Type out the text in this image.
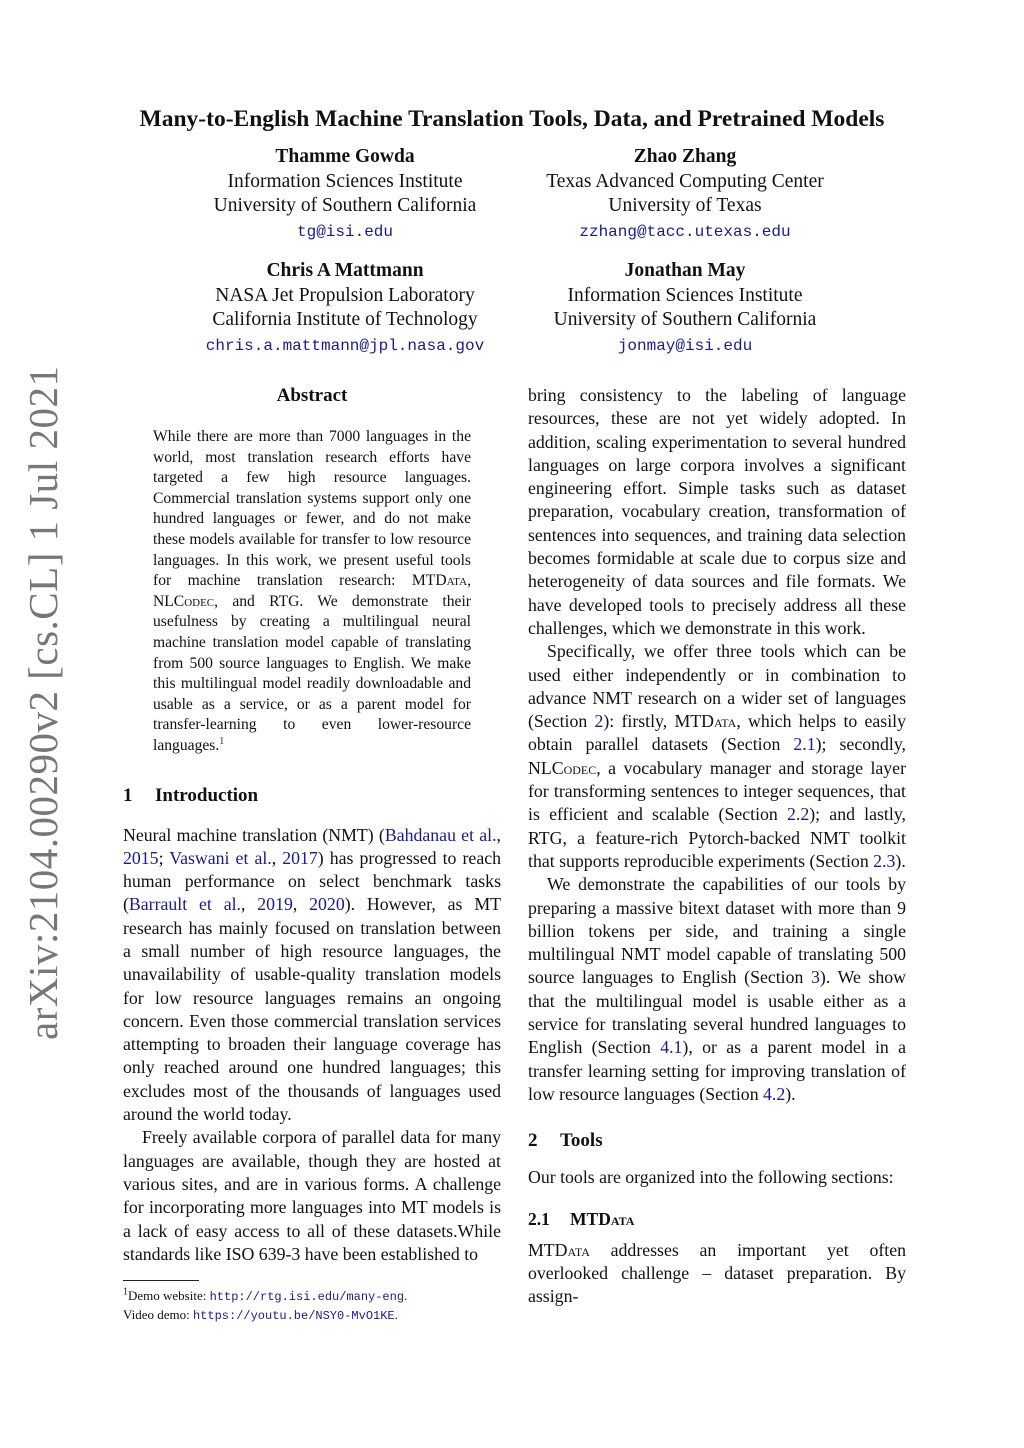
arXiv:2104.00290v2 [cs.CL] 1 Jul 2021
Many-to-English Machine Translation Tools, Data, and Pretrained Models
Thamme Gowda
Information Sciences Institute
University of Southern California
tg@isi.edu
Zhao Zhang
Texas Advanced Computing Center
University of Texas
zzhang@tacc.utexas.edu
Chris A Mattmann
NASA Jet Propulsion Laboratory
California Institute of Technology
chris.a.mattmann@jpl.nasa.gov
Jonathan May
Information Sciences Institute
University of Southern California
jonmay@isi.edu
Abstract

While there are more than 7000 languages in the world, most translation research efforts have targeted a few high resource languages. Commercial translation systems support only one hundred languages or fewer, and do not make these models available for transfer to low resource languages. In this work, we present useful tools for machine translation research: MTData, NLCodec, and RTG. We demonstrate their usefulness by creating a multilingual neural machine translation model capable of translating from 500 source languages to English. We make this multilingual model readily downloadable and usable as a service, or as a parent model for transfer-learning to even lower-resource languages.$^1$

1 Introduction

Neural machine translation (NMT) (Bahdanau et al., 2015; Vaswani et al., 2017) has progressed to reach human performance on select benchmark tasks (Barrault et al., 2019, 2020). However, as MT research has mainly focused on translation between a small number of high resource languages, the unavailability of usable-quality translation models for low resource languages remains an ongoing concern. Even those commercial translation services attempting to broaden their language coverage has only reached around one hundred languages; this excludes most of the thousands of languages used around the world today.

Freely available corpora of parallel data for many languages are available, though they are hosted at various sites, and are in various forms. A challenge for incorporating more languages into MT models is a lack of easy access to all of these datasets.While standards like ISO 639-3 have been established to

$^1$Demo website: http://rtg.isi.edu/many-eng.
Video demo: https://youtu.be/NSY0-MvO1KE.

bring consistency to the labeling of language resources, these are not yet widely adopted. In addition, scaling experimentation to several hundred languages on large corpora involves a significant engineering effort. Simple tasks such as dataset preparation, vocabulary creation, transformation of sentences into sequences, and training data selection becomes formidable at scale due to corpus size and heterogeneity of data sources and file formats. We have developed tools to precisely address all these challenges, which we demonstrate in this work.

Specifically, we offer three tools which can be used either independently or in combination to advance NMT research on a wider set of languages (Section 2): firstly, MTData, which helps to easily obtain parallel datasets (Section 2.1); secondly, NLCodec, a vocabulary manager and storage layer for transforming sentences to integer sequences, that is efficient and scalable (Section 2.2); and lastly, RTG, a feature-rich Pytorch-backed NMT toolkit that supports reproducible experiments (Section 2.3).

We demonstrate the capabilities of our tools by preparing a massive bitext dataset with more than 9 billion tokens per side, and training a single multilingual NMT model capable of translating 500 source languages to English (Section 3). We show that the multilingual model is usable either as a service for translating several hundred languages to English (Section 4.1), or as a parent model in a transfer learning setting for improving translation of low resource languages (Section 4.2).

2 Tools

Our tools are organized into the following sections:

2.1 MTData

MTData addresses an important yet often overlooked challenge – dataset preparation. By assign-
